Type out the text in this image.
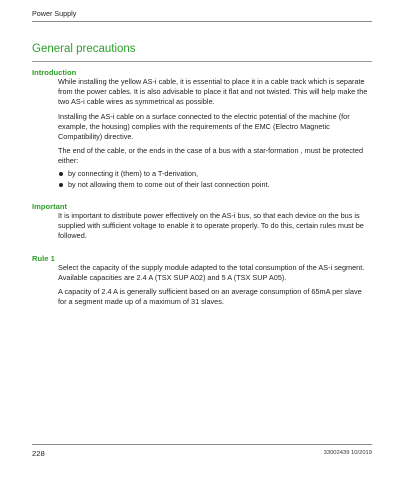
Power Supply
General precautions
Introduction

While installing the yellow AS-i cable, it is essential to place it in a cable track which is separate from the power cables. It is also advisable to place it flat and not twisted. This will help make the two AS-i cable wires as symmetrical as possible.

Installing the AS-i cable on a surface connected to the electric potential of the machine (for example, the housing) complies with the requirements of the EMC (Electro Magnetic Compatibility) directive.

The end of the cable, or the ends in the case of a bus with a star-formation , must be protected either:

by connecting it (them) to a T-derivation,
by not allowing them to come out of their last connection point.
Important

It is important to distribute power effectively on the AS-i bus, so that each device on the bus is supplied with sufficient voltage to enable it to operate properly. To do this, certain rules must be followed.

Rule 1

Select the capacity of the supply module adapted to the total consumption of the AS-i segment. Available capacities are 2.4 A (TSX SUP A02) and 5 A (TSX SUP A05).

A capacity of 2.4 A is generally sufficient based on an average consumption of 65mA per slave for a segment made up of a maximum of 31 slaves.

228	33002439 10/2019
